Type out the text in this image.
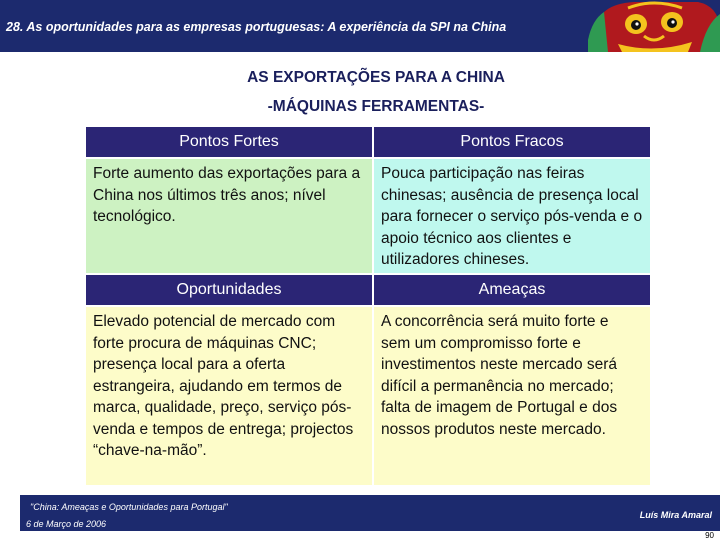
28. As oportunidades para as empresas portuguesas: A experiência da SPI na China
AS EXPORTAÇÕES PARA A CHINA
-MÁQUINAS FERRAMENTAS-
Pontos Fortes	Pontos Fracos
Forte aumento das exportações para a China nos últimos três anos; nível tecnológico.
Pouca participação nas feiras chinesas; ausência de presença local para fornecer o serviço pós-venda e o apoio técnico aos clientes e utilizadores chineses.
Oportunidades	Ameaças
Elevado potencial de mercado com forte procura de máquinas CNC; presença local para a oferta estrangeira, ajudando em termos de marca, qualidade, preço, serviço pós-venda e tempos de entrega; projectos “chave-na-mão”.
A concorrência será muito forte e sem um compromisso forte e investimentos neste mercado será difícil a permanência no mercado; falta de imagem de Portugal e dos nossos produtos neste mercado.
"China: Ameaças e Oportunidades para Portugal"
6 de Março de 2006
Luís Mira Amaral
90
